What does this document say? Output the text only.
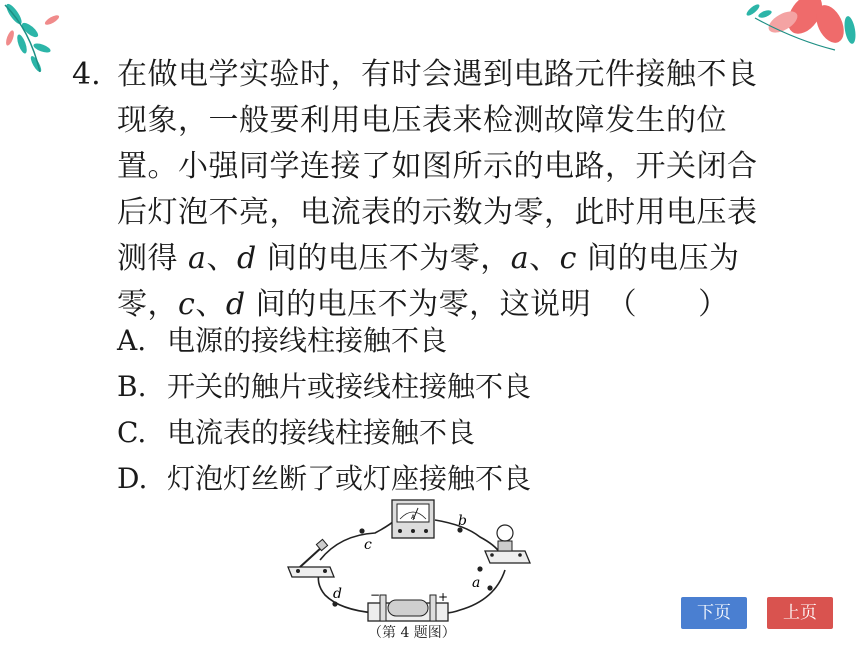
4. 在做电学实验时，有时会遇到电路元件接触不良现象，一般要利用电压表来检测故障发生的位置。小强同学连接了如图所示的电路，开关闭合后灯泡不亮，电流表的示数为零，此时用电压表测得 a、d 间的电压不为零，a、c 间的电压为零，c、d 间的电压不为零，这说明　（　　）
A. 电源的接线柱接触不良
B. 开关的触片或接线柱接触不良
C. 电流表的接线柱接触不良
D. 灯泡灯丝断了或灯座接触不良
A
−	+
c
b
a
d
（第 4 题图）
下页	上页
